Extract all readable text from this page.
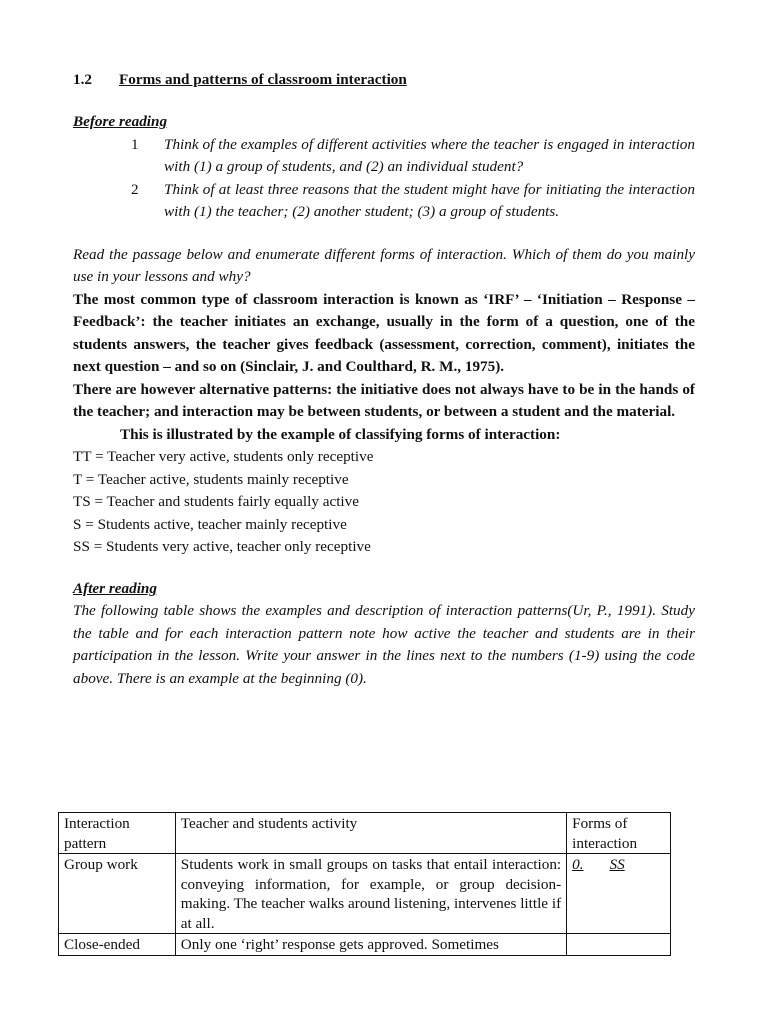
1.2 Forms and patterns of classroom interaction
Before reading
1 Think of the examples of different activities where the teacher is engaged in interaction with (1) a group of students, and (2) an individual student?
2 Think of at least three reasons that the student might have for initiating the interaction with (1) the teacher; (2) another student; (3) a group of students.

Read the passage below and enumerate different forms of interaction. Which of them do you mainly use in your lessons and why?

The most common type of classroom interaction is known as ‘IRF’ – ‘Initiation – Response – Feedback’: the teacher initiates an exchange, usually in the form of a question, one of the students answers, the teacher gives feedback (assessment, correction, comment), initiates the next question – and so on (Sinclair, J. and Coulthard, R. M., 1975).

There are however alternative patterns: the initiative does not always have to be in the hands of the teacher; and interaction may be between students, or between a student and the material.

This is illustrated by the example of classifying forms of interaction:

TT = Teacher very active, students only receptive
T = Teacher active, students mainly receptive
TS = Teacher and students fairly equally active
S = Students active, teacher mainly receptive
SS = Students very active, teacher only receptive
After reading

The following table shows the examples and description of interaction patterns(Ur, P., 1991). Study the table and for each interaction pattern note how active the teacher and students are in their participation in the lesson. Write your answer in the lines next to the numbers (1-9) using the code above. There is an example at the beginning (0).

Interaction pattern	Teacher and students activity	Forms of interaction
Group work	Students work in small groups on tasks that entail interaction: conveying information, for example, or group decision-making. The teacher walks around listening, intervenes little if at all.	0. SS
Close-ended	Only one ‘right’ response gets approved. Sometimes	
